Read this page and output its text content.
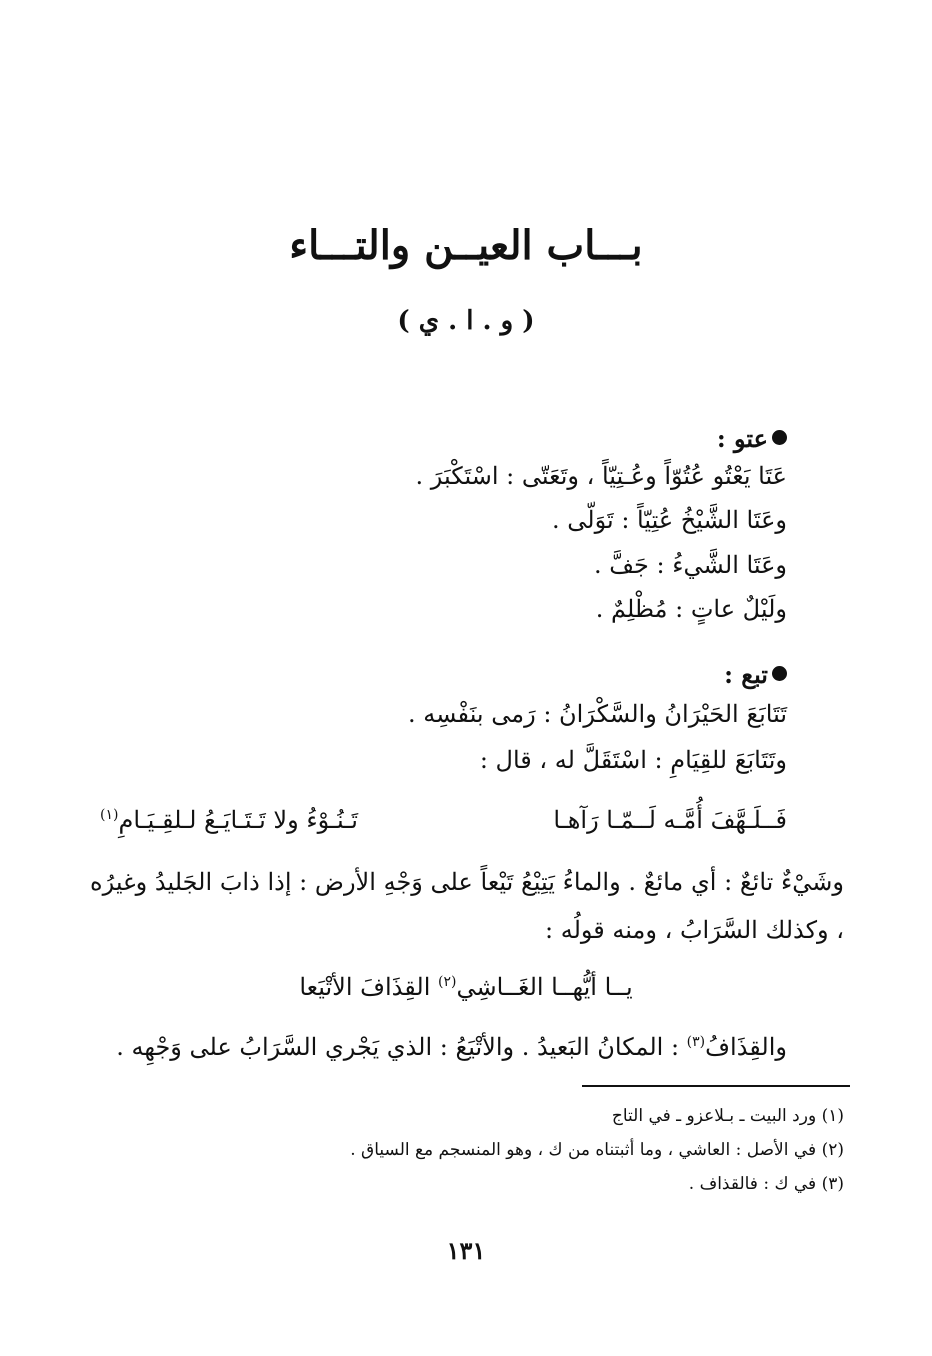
بـــاب العيــن والتـــاء
( و . ا . ي )
عتو :
عَتَا يَعْتُو عُتُوّاً وعُـتِيّاً ، وتَعَتّى : اسْتَكْبَرَ .
وعَتَا الشَّيْخُ عُتِيّاً : تَوَلّى .
وعَتَا الشَّيءُ : جَفَّ .
ولَيْلٌ عاتٍ : مُظْلِمٌ .
تبع :
تَتَابَعَ الحَيْرَانُ والسَّكْرَانُ : رَمى بنَفْسِه .
وتَتَابَعَ للقِيَامِ : اسْتَقَلَّ له ، قال :
فَــلَـهَّفَ أُمَّـه لَــمّـا رَآهـا
تَـنُـوْءُ ولا تَـتَـايَـعُ لـلقِـيَـامِ$^{(١)}$
وشَيْءٌ تائعٌ : أي مائعٌ . والماءُ يَتِيْعُ تَيْعاً على وَجْهِ الأرض : إذا ذابَ الجَليدُ وغيرُه ، وكذلك السَّرَابُ ، ومنه قولُه :
يــا أيُّهــا الغَــاشِي$^{(٢)}$ القِذَافَ الأتْيَعا
والقِذَافُ$^{(٣)}$ : المكانُ البَعيدُ . والأتْيَعُ : الذي يَجْري السَّرَابُ على وَجْهِه .
(١) ورد البيت ـ بـلاعزو ـ في التاج
(٢) في الأصل : العاشي ، وما أثبتناه من ك ، وهو المنسجم مع السياق .
(٣) في ك : فالقذاف .
١٣١
